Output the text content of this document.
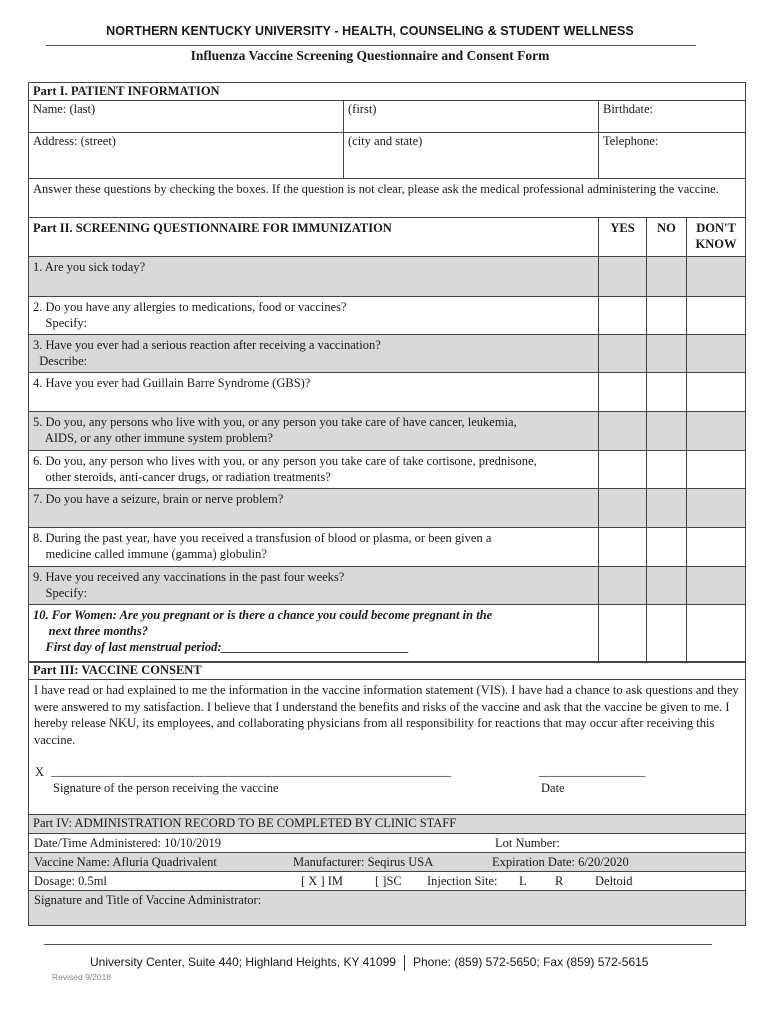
NORTHERN KENTUCKY UNIVERSITY - HEALTH, COUNSELING & STUDENT WELLNESS
Influenza Vaccine Screening Questionnaire and Consent Form
Part I. PATIENT INFORMATION
Name: (last)	(first)	Birthdate:
Address: (street)	(city and state)	Telephone:
Answer these questions by checking the boxes. If the question is not clear, please ask the medical professional administering the vaccine.
Part II. SCREENING QUESTIONNAIRE FOR IMMUNIZATION	YES	NO	DON'T
KNOW
1. Are you sick today?
2. Do you have any allergies to medications, food or vaccines?
Specify:
3. Have you ever had a serious reaction after receiving a vaccination?
Describe:
4. Have you ever had Guillain Barre Syndrome (GBS)?
5. Do you, any persons who live with you, or any person you take care of have cancer, leukemia,
AIDS, or any other immune system problem?
6. Do you, any person who lives with you, or any person you take care of take cortisone, prednisone,
other steroids, anti-cancer drugs, or radiation treatments?
7. Do you have a seizure, brain or nerve problem?
8. During the past year, have you received a transfusion of blood or plasma, or been given a
medicine called immune (gamma) globulin?
9. Have you received any vaccinations in the past four weeks?
Specify:
10. For Women: Are you pregnant or is there a chance you could become pregnant in the
next three months?
First day of last menstrual period:______________________________
Part III: VACCINE CONSENT
I have read or had explained to me the information in the vaccine information statement (VIS). I have had a chance to ask questions and they were answered to my satisfaction. I believe that I understand the benefits and risks of the vaccine and ask that the vaccine be given to me. I hereby release NKU, its employees, and collaborating physicians from all responsibility for reactions that may occur after receiving this vaccine.
X ________________________________________________________________	_________________
Signature of the person receiving the vaccine	Date
Part IV: ADMINISTRATION RECORD TO BE COMPLETED BY CLINIC STAFF
Date/Time Administered: 10/10/2019	Lot Number:
Vaccine Name: Afluria Quadrivalent	Manufacturer: Seqirus USA	Expiration Date: 6/20/2020
Dosage: 0.5ml	[ X ] IM	[ ]SC Injection Site: L R	Deltoid
Signature and Title of Vaccine Administrator:
University Center, Suite 440; Highland Heights, KY 41099 Phone: (859) 572-5650; Fax (859) 572-5615
Revised 9/2018
